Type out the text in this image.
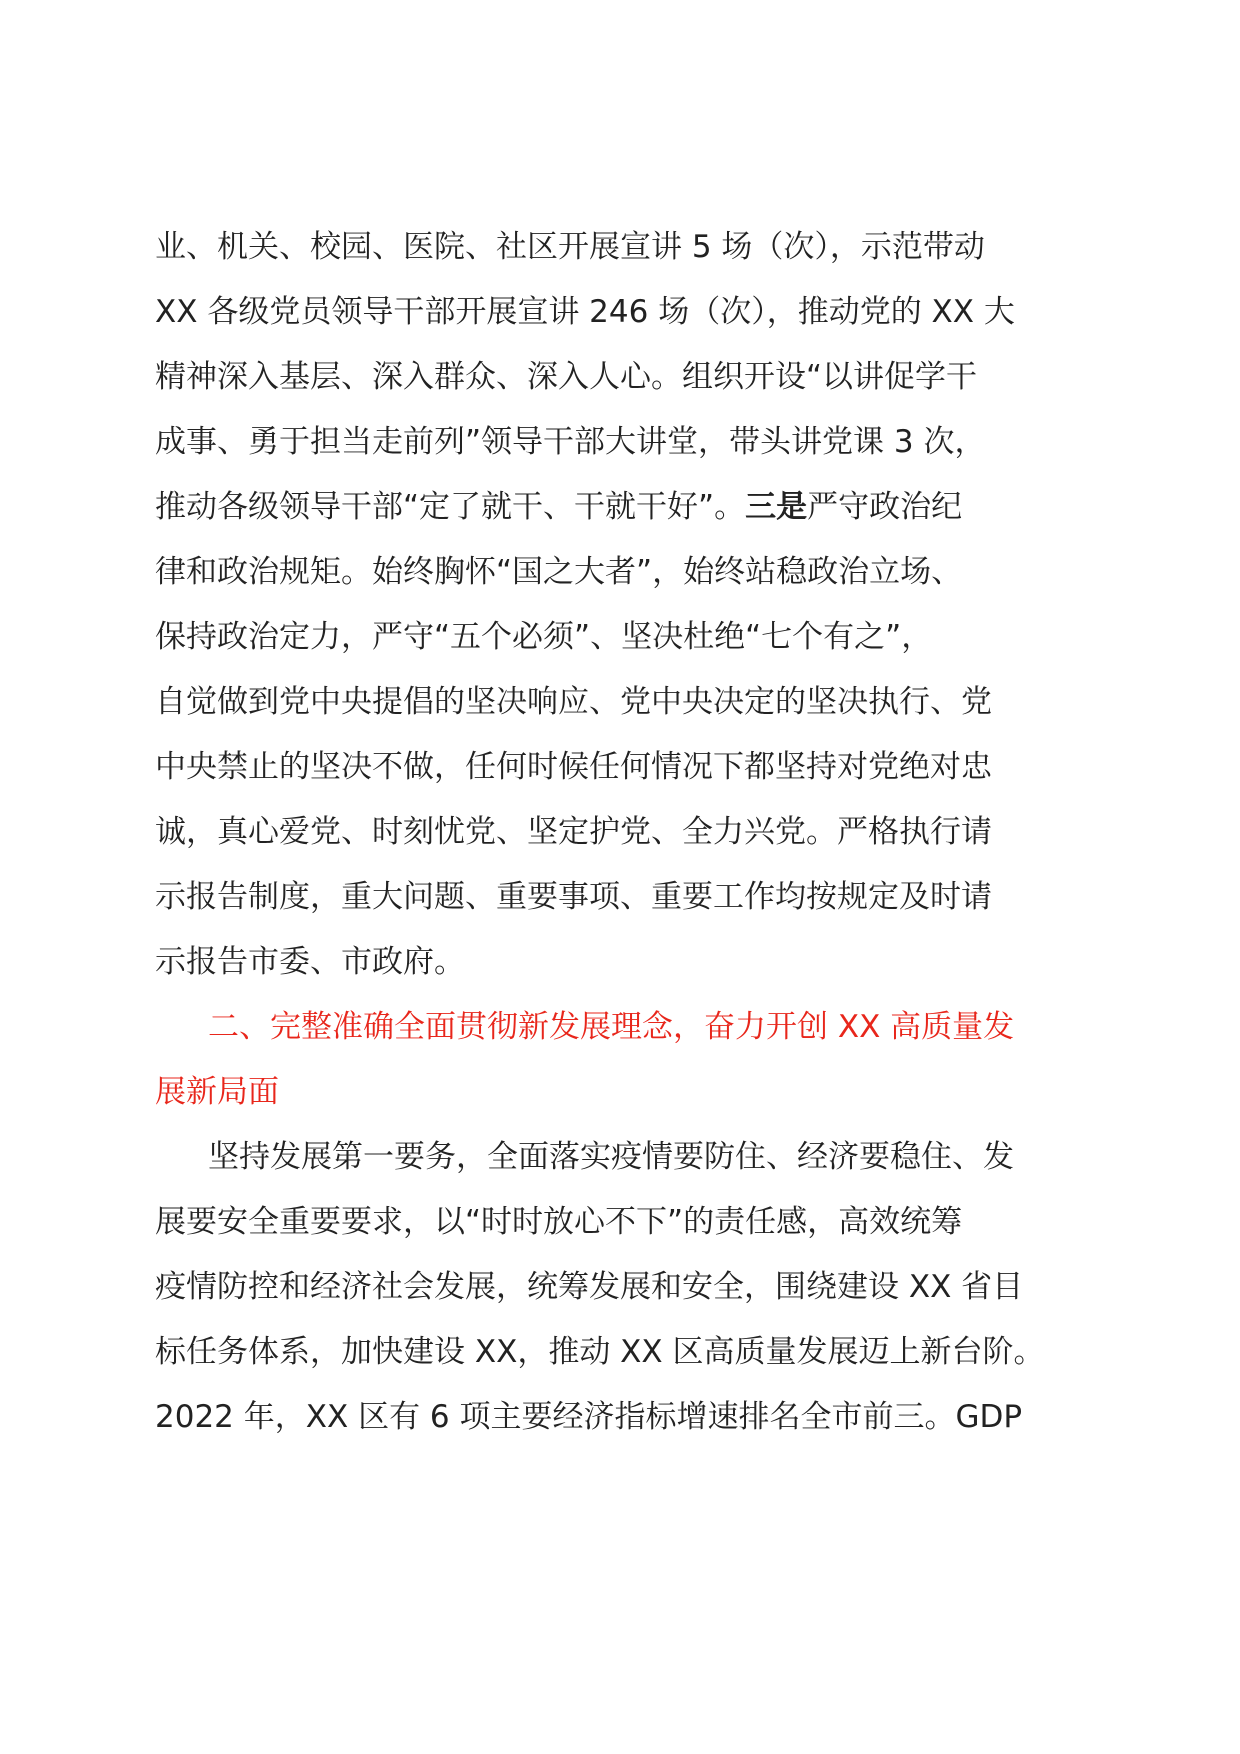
业、机关、校园、医院、社区开展宣讲 5 场（次），示范带动
XX 各级党员领导干部开展宣讲 246 场（次），推动党的 XX 大
精神深入基层、深入群众、深入人心。组织开设“以讲促学干
成事、勇于担当走前列”领导干部大讲堂，带头讲党课 3 次，
推动各级领导干部“定了就干、干就干好”。三是严守政治纪
律和政治规矩。始终胸怀“国之大者”，始终站稳政治立场、
保持政治定力，严守“五个必须”、坚决杜绝“七个有之”，
自觉做到党中央提倡的坚决响应、党中央决定的坚决执行、党
中央禁止的坚决不做，任何时候任何情况下都坚持对党绝对忠
诚，真心爱党、时刻忧党、坚定护党、全力兴党。严格执行请
示报告制度，重大问题、重要事项、重要工作均按规定及时请
示报告市委、市政府。
二、完整准确全面贯彻新发展理念，奋力开创 XX 高质量发
展新局面
坚持发展第一要务，全面落实疫情要防住、经济要稳住、发
展要安全重要要求，以“时时放心不下”的责任感，高效统筹
疫情防控和经济社会发展，统筹发展和安全，围绕建设 XX 省目
标任务体系，加快建设 XX，推动 XX 区高质量发展迈上新台阶。
2022 年，XX 区有 6 项主要经济指标增速排名全市前三。GDP
